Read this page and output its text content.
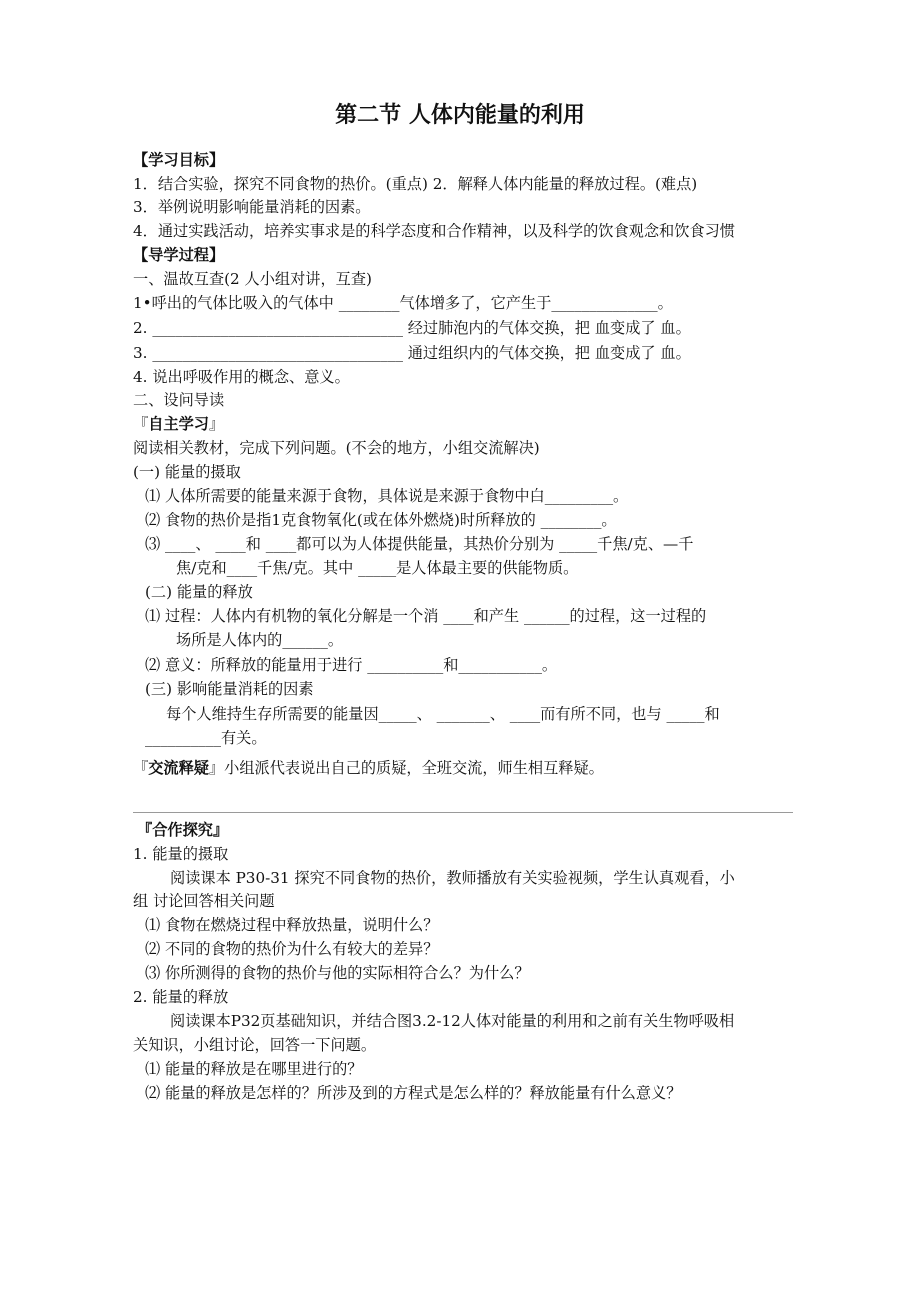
第二节 人体内能量的利用
【学习目标】
1．结合实验，探究不同食物的热价。(重点) 2．解释人体内能量的释放过程。(难点)
3．举例说明影响能量消耗的因素。
4．通过实践活动，培养实事求是的科学态度和合作精神，以及科学的饮食观念和饮食习惯
【导学过程】
一、温故互查(2 人小组对讲，互查)
1•呼出的气体比吸入的气体中 ________气体增多了，它产生于______________。
2. _________________________________ 经过肺泡内的气体交换，把 血变成了 血。
3. _________________________________ 通过组织内的气体交换，把 血变成了 血。
4. 说出呼吸作用的概念、意义。
二、设问导读
『自主学习』
阅读相关教材，完成下列问题。(不会的地方，小组交流解决)
(一) 能量的摄取
⑴ 人体所需要的能量来源于食物，具体说是来源于食物中白_________。
⑵ 食物的热价是指1克食物氧化(或在体外燃烧)时所释放的 ________。
⑶ ____、 ____和 ____都可以为人体提供能量，其热价分别为 _____千焦/克、—千
焦/克和____千焦/克。其中 _____是人体最主要的供能物质。
(二) 能量的释放
⑴ 过程：人体内有机物的氧化分解是一个消 ____和产生 ______的过程，这一过程的
场所是人体内的______。
⑵ 意义：所释放的能量用于进行 __________和___________。
(三) 影响能量消耗的因素
每个人维持生存所需要的能量因_____、 _______、 ____而有所不同，也与 _____和
__________有关。
『交流释疑』小组派代表说出自己的质疑，全班交流，师生相互释疑。
『合作探究』
1. 能量的摄取
阅读课本 P30-31 探究不同食物的热价，教师播放有关实验视频，学生认真观看，小
组 讨论回答相关问题
⑴ 食物在燃烧过程中释放热量，说明什么？
⑵ 不同的食物的热价为什么有较大的差异？
⑶ 你所测得的食物的热价与他的实际相符合么？为什么？
2. 能量的释放
阅读课本P32页基础知识，并结合图3.2-12人体对能量的利用和之前有关生物呼吸相
关知识，小组讨论，回答一下问题。
⑴ 能量的释放是在哪里进行的？
⑵ 能量的释放是怎样的？所涉及到的方程式是怎么样的？释放能量有什么意义？
